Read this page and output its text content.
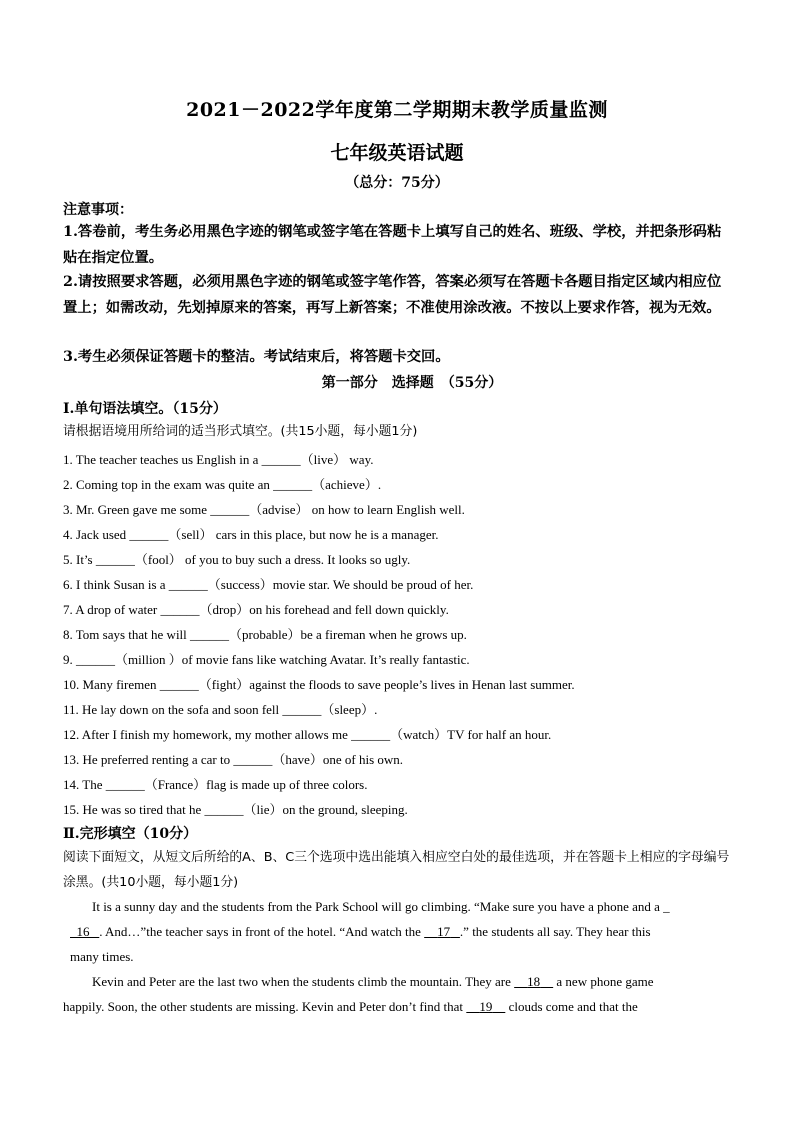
2021－2022学年度第二学期期末教学质量监测
七年级英语试题
（总分：75分）
注意事项：
1.答卷前，考生务必用黑色字迹的钢笔或签字笔在答题卡上填写自己的姓名、班级、学校，并把条形码粘贴在指定位置。
2.请按照要求答题，必须用黑色字迹的钢笔或签字笔作答，答案必须写在答题卡各题目指定区域内相应位置上；如需改动，先划掉原来的答案，再写上新答案；不准使用涂改液。不按以上要求作答，视为无效。
3.考生必须保证答题卡的整洁。考试结束后，将答题卡交回。
第一部分　选择题　（55分）
Ⅰ.单句语法填空。（15分）
请根据语境用所给词的适当形式填空。(共15小题，每小题1分)
1. The teacher teaches us English in a ______（live） way.
2. Coming top in the exam was quite an ______（achieve）.
3. Mr. Green gave me some ______（advise） on how to learn English well.
4. Jack used ______（sell） cars in this place, but now he is a manager.
5. It’s ______（fool） of you to buy such a dress. It looks so ugly.
6. I think Susan is a ______（success）movie star. We should be proud of her.
7. A drop of water ______（drop）on his forehead and fell down quickly.
8. Tom says that he will ______（probable）be a fireman when he grows up.
9. ______（million ）of movie fans like watching Avatar. It’s really fantastic.
10. Many firemen ______（fight）against the floods to save people’s lives in Henan last summer.
11. He lay down on the sofa and soon fell ______（sleep）.
12. After I finish my homework, my mother allows me ______（watch）TV for half an hour.
13. He preferred renting a car to ______（have）one of his own.
14. The ______（France）flag is made up of three colors.
15. He was so tired that he ______（lie）on the ground, sleeping.
Ⅱ.完形填空（10分）
阅读下面短文，从短文后所给的A、B、C三个选项中选出能填入相应空白处的最佳选项，并在答题卡上相应的字母编号涂黑。(共10小题，每小题1分)
It is a sunny day and the students from the Park School will go climbing. “Make sure you have a phone and a _
16 . And…”the teacher says in front of the hotel. “And watch the 17 .” the students all say. They hear this
many times.
Kevin and Peter are the last two when the students climb the mountain. They are 18 a new phone game
happily. Soon, the other students are missing. Kevin and Peter don’t find that 19 clouds come and that the
